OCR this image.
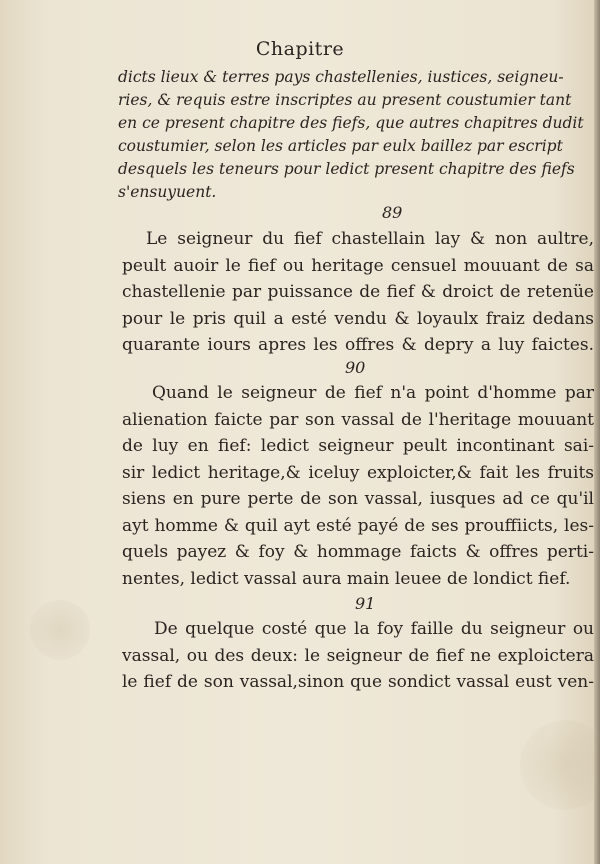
Chapitre
dicts lieux & terres pays chastellenies, iustices, seigneu-
ries, & requis estre inscriptes au present coustumier tant
en ce present chapitre des fiefs, que autres chapitres dudit
coustumier, selon les articles par eulx baillez par escript
desquels les teneurs pour ledict present chapitre des fiefs
s'ensuyuent.
89
Le seigneur du fief chastellain lay & non aultre,
peult auoir le fief ou heritage censuel mouuant de sa
chastellenie par puissance de fief & droict de retenüe
pour le pris quil a esté vendu & loyaulx fraiz dedans
quarante iours apres les offres & depry a luy faictes.
90
Quand le seigneur de fief n'a point d'homme par
alienation faicte par son vassal de l'heritage mouuant
de luy en fief: ledict seigneur peult incontinant sai-
sir ledict heritage,& iceluy exploicter,& fait les fruits
siens en pure perte de son vassal, iusques ad ce qu'il
ayt homme & quil ayt esté payé de ses prouffiicts, les-
quels payez & foy & hommage faicts & offres perti-
nentes, ledict vassal aura main leuee de londict fief.
91
De quelque costé que la foy faille du seigneur ou
vassal, ou des deux: le seigneur de fief ne exploictera
le fief de son vassal,sinon que sondict vassal eust ven-
